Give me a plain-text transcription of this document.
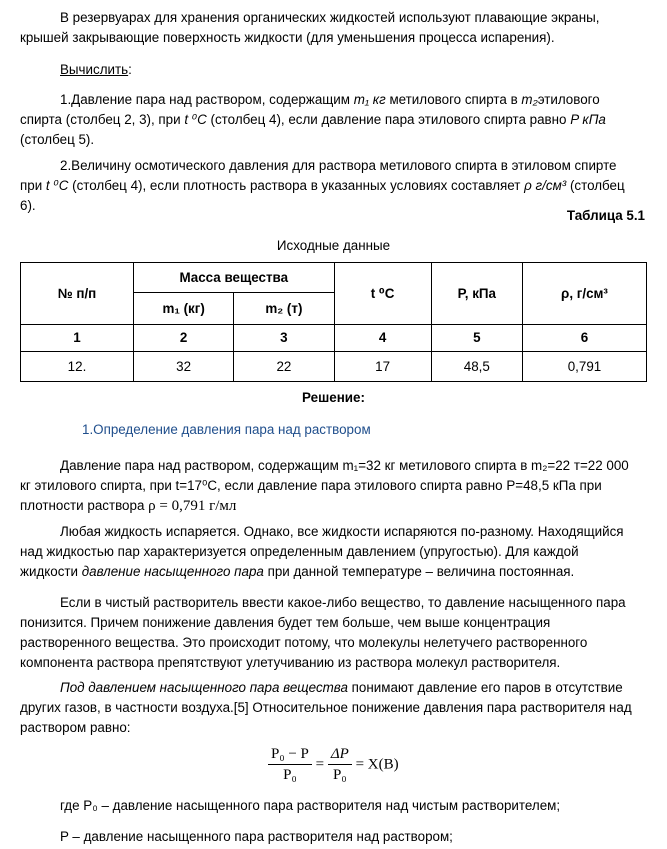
В резервуарах для хранения органических жидкостей используют плавающие экраны, крышей закрывающие поверхность жидкости (для уменьшения процесса испарения).
Вычислить:
1.Давление пара над раствором, содержащим m₁ кг метилового спирта в m₂этилового спирта (столбец 2, 3), при t ⁰C (столбец 4), если давление пара этилового спирта равно P кПа (столбец 5).
2.Величину осмотического давления для раствора метилового спирта в этиловом спирте при t ⁰C (столбец 4), если плотность раствора в указанных условиях составляет ρ г/см³ (столбец 6).
Таблица 5.1
Исходные данные
№ п/п	Масса вещества		t ⁰C	P, кПа	ρ, г/см³
	m₁ (кг)	m₂ (т)			
1	2	3	4	5	6
12.	32	22	17	48,5	0,791
Решение:
1.Определение давления пара над раствором
Давление пара над раствором, содержащим m₁=32 кг метилового спирта в m₂=22 т=22 000 кг этилового спирта, при t=17⁰С, если давление пара этилового спирта равно P=48,5 кПа при плотности раствора ρ = 0,791 г/мл
Любая жидкость испаряется. Однако, все жидкости испаряются по-разному. Находящийся над жидкостью пар характеризуется определенным давлением (упругостью). Для каждой жидкости давление насыщенного пара при данной температуре – величина постоянная.
Если в чистый растворитель ввести какое-либо вещество, то давление насыщенного пара понизится. Причем понижение давления будет тем больше, чем выше концентрация растворенного вещества. Это происходит потому, что молекулы нелетучего растворенного компонента раствора препятствуют улетучиванию из раствора молекул растворителя.
Под давлением насыщенного пара вещества понимают давление его паров в отсутствие других газов, в частности воздуха.[5] Относительное понижение давления пара растворителя над раствором равно:
$\frac{\text{P₀ − P}}{\text{P₀}} = \frac{\Delta P}{\text{P₀}} = X(B)$
где P₀ – давление насыщенного пара растворителя над чистым растворителем;
P – давление насыщенного пара растворителя над раствором;
